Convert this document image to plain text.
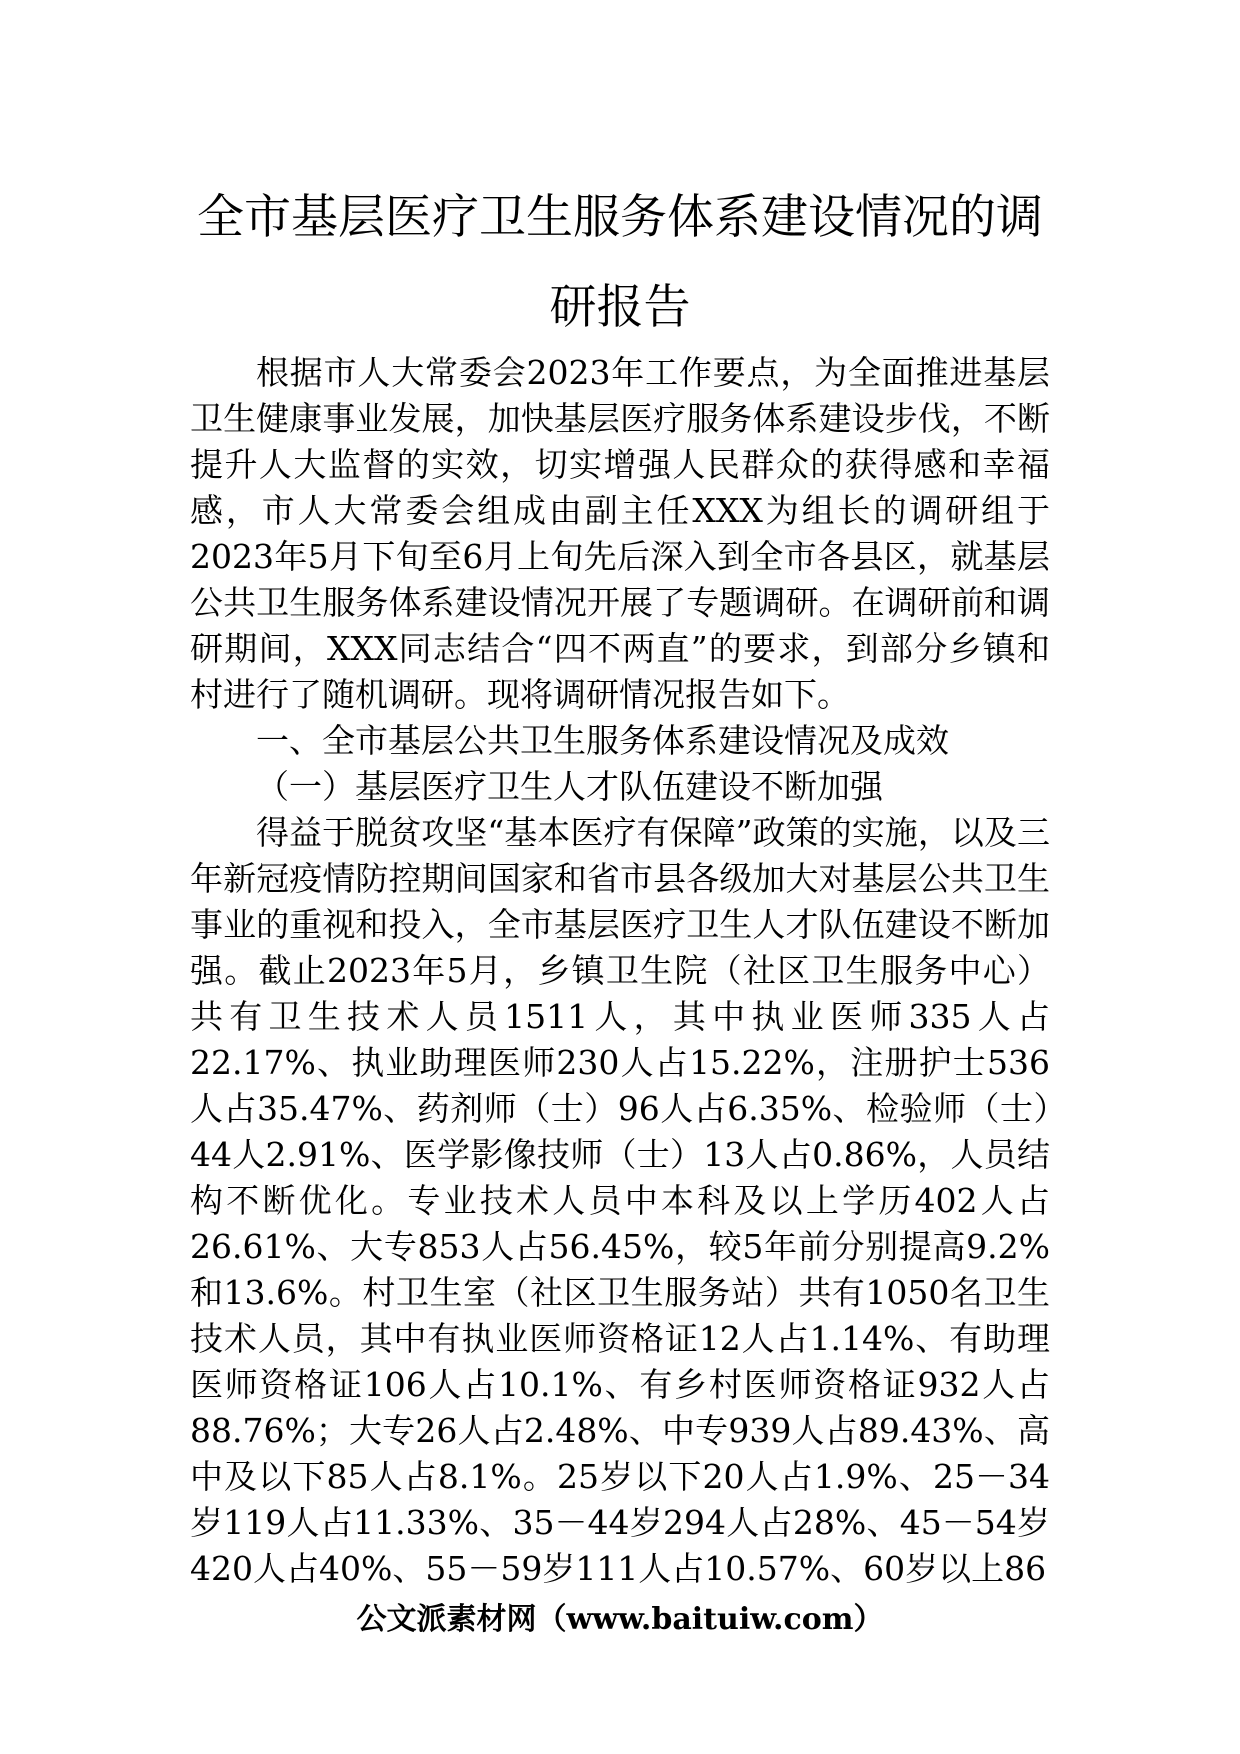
全市基层医疗卫生服务体系建设情况的调
研报告

根据市人大常委会2023年工作要点，为全面推进基层卫生健康事业发展，加快基层医疗服务体系建设步伐，不断提升人大监督的实效，切实增强人民群众的获得感和幸福感，市人大常委会组成由副主任XXX为组长的调研组于2023年5月下旬至6月上旬先后深入到全市各县区，就基层公共卫生服务体系建设情况开展了专题调研。在调研前和调研期间，XXX同志结合“四不两直”的要求，到部分乡镇和村进行了随机调研。现将调研情况报告如下。

一、全市基层公共卫生服务体系建设情况及成效

（一）基层医疗卫生人才队伍建设不断加强

得益于脱贫攻坚“基本医疗有保障”政策的实施，以及三年新冠疫情防控期间国家和省市县各级加大对基层公共卫生事业的重视和投入，全市基层医疗卫生人才队伍建设不断加强。截止2023年5月，乡镇卫生院（社区卫生服务中心）共有卫生技术人员1511人，其中执业医师335人占22.17%、执业助理医师230人占15.22%，注册护士536人占35.47%、药剂师（士）96人占6.35%、检验师（士）44人2.91%、医学影像技师（士）13人占0.86%，人员结构不断优化。专业技术人员中本科及以上学历402人占26.61%、大专853人占56.45%，较5年前分别提高9.2%和13.6%。村卫生室（社区卫生服务站）共有1050名卫生技术人员，其中有执业医师资格证12人占1.14%、有助理医师资格证106人占10.1%、有乡村医师资格证932人占88.76%；大专26人占2.48%、中专939人占89.43%、高中及以下85人占8.1%。25岁以下20人占1.9%、25－34岁119人占11.33%、35－44岁294人占28%、45－54岁420人占40%、55－59岁111人占10.57%、60岁以上86

公文派素材网（www.baituiw.com）
